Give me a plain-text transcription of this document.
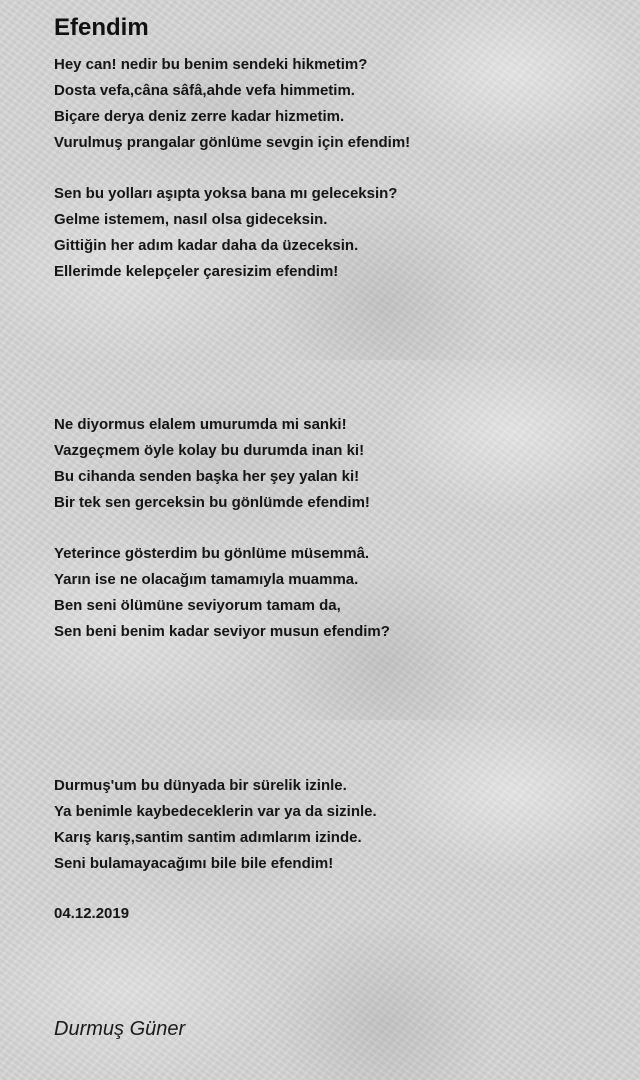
Efendim
Hey can! nedir bu benim sendeki hikmetim?
Dosta vefa,câna sâfâ,ahde vefa himmetim.
Biçare derya deniz zerre kadar hizmetim.
Vurulmuş prangalar gönlüme sevgin için efendim!
Sen bu yolları aşıpta yoksa bana mı geleceksin?
Gelme istemem, nasıl olsa gideceksin.
Gittiğin her adım kadar daha da üzeceksin.
Ellerimde kelepçeler çaresizim efendim!
Ne diyormus elalem umurumda mi sanki!
Vazgeçmem öyle kolay bu durumda inan ki!
Bu cihanda senden başka her şey yalan ki!
Bir tek sen gerceksin bu gönlümde efendim!
Yeterince gösterdim bu gönlüme müsemmâ.
Yarın ise ne olacağım tamamıyla muamma.
Ben seni ölümüne seviyorum tamam da,
Sen beni benim kadar seviyor musun efendim?
Durmuş'um bu dünyada bir sürelik izinle.
Ya benimle kaybedeceklerin var ya da sizinle.
Karış karış,santim santim adımlarım izinde.
Seni bulamayacağımı bile bile efendim!
04.12.2019
Durmuş Güner
